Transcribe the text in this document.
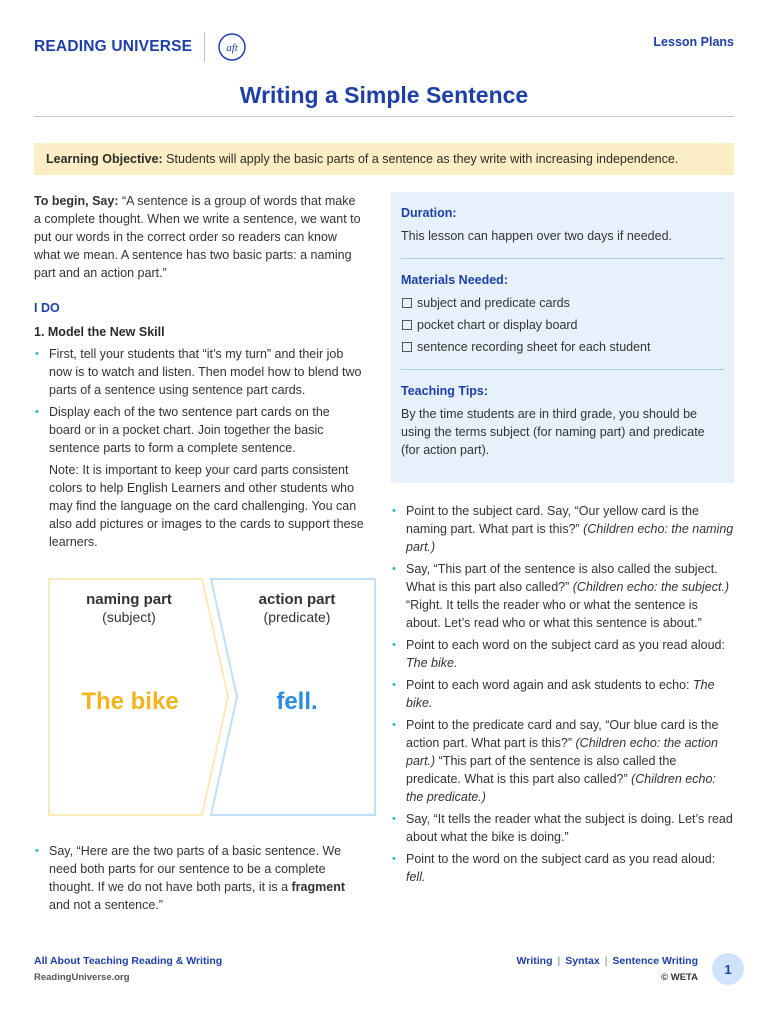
READING UNIVERSE	aft	Lesson Plans
Writing a Simple Sentence
Learning Objective: Students will apply the basic parts of a sentence as they write with increasing independence.

To begin, Say: “A sentence is a group of words that make a complete thought. When we write a sentence, we want to put our words in the correct order so readers can know what we mean. A sentence has two basic parts: a naming part and an action part.”

I DO
1. Model the New Skill
• First, tell your students that “it’s my turn” and their job now is to watch and listen. Then model how to blend two parts of a sentence using sentence part cards.
• Display each of the two sentence part cards on the board or in a pocket chart. Join together the basic sentence parts to form a complete sentence.

Note: It is important to keep your card parts consistent colors to help English Learners and other students who may find the language on the card challenging. You can also add pictures or images to the cards to support these learners.

naming part
(subject)
The bike
action part
(predicate)
fell.
• Say, “Here are the two parts of a basic sentence. We need both parts for our sentence to be a complete thought. If we do not have both parts, it is a fragment and not a sentence.”
Duration:
This lesson can happen over two days if needed.
Materials Needed:
subject and predicate cards
pocket chart or display board
sentence recording sheet for each student
Teaching Tips:
By the time students are in third grade, you should be using the terms subject (for naming part) and predicate (for action part).
• Point to the subject card. Say, “Our yellow card is the naming part. What part is this?” (Children echo: the naming part.)
• Say, “This part of the sentence is also called the subject. What is this part also called?” (Children echo: the subject.) “Right. It tells the reader who or what the sentence is about. Let’s read who or what this sentence is about.”
• Point to each word on the subject card as you read aloud: The bike.
• Point to each word again and ask students to echo: The bike.
• Point to the predicate card and say, “Our blue card is the action part. What part is this?” (Children echo: the action part.) “This part of the sentence is also called the predicate. What is this part also called?” (Children echo: the predicate.)
• Say, “It tells the reader what the subject is doing. Let’s read about what the bike is doing.”
• Point to the word on the subject card as you read aloud: fell.
All About Teaching Reading & Writing
ReadingUniverse.org
Writing | Syntax | Sentence Writing
© WETA
1
